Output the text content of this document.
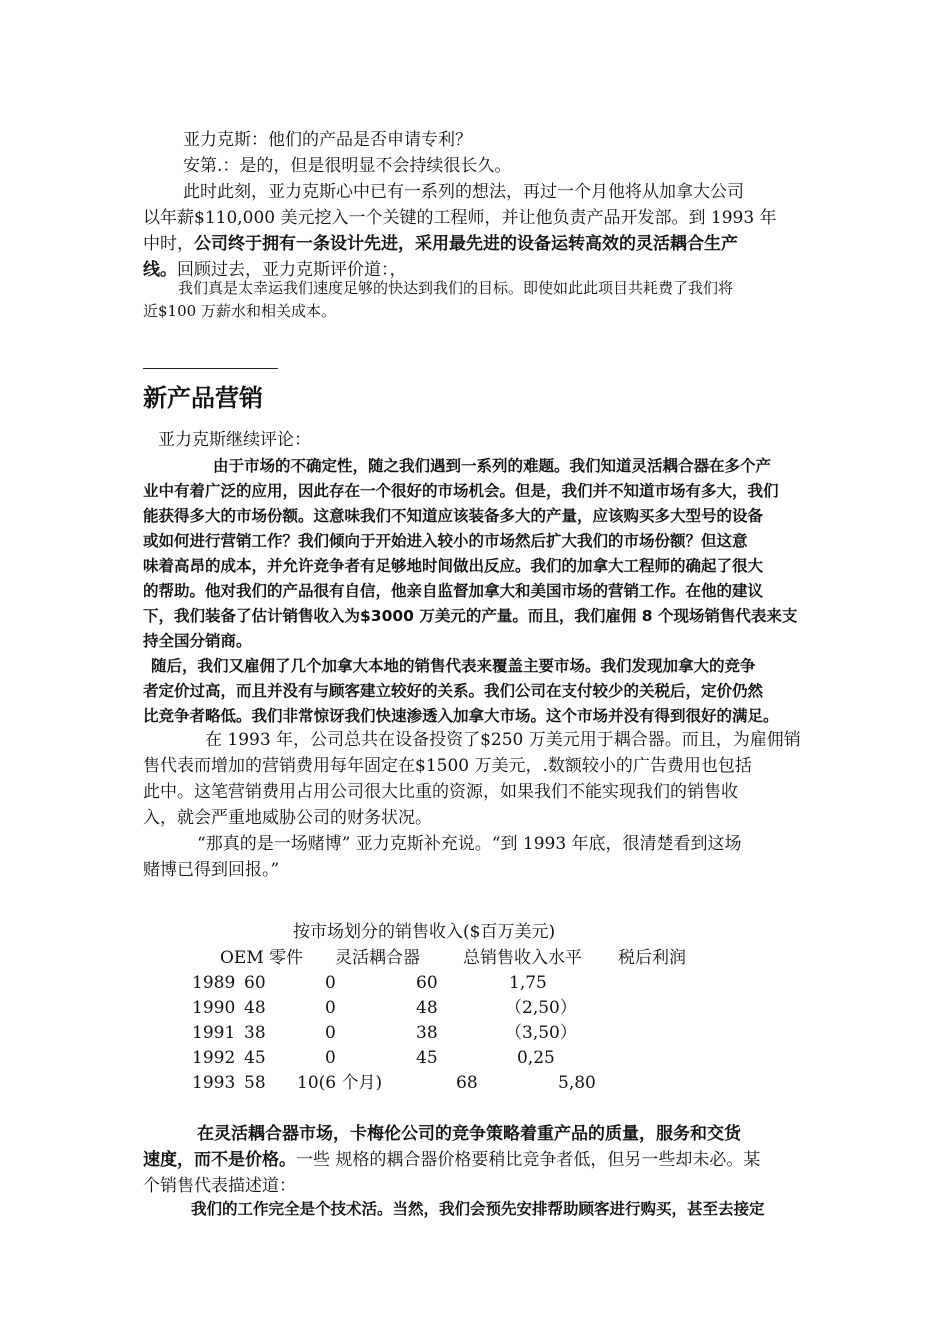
亚力克斯：他们的产品是否申请专利？
安第.：是的，但是很明显不会持续很长久。
此时此刻，亚力克斯心中已有一系列的想法，再过一个月他将从加拿大公司
以年薪$110,000 美元挖入一个关键的工程师，并让他负责产品开发部。到 1993 年
中时，公司终于拥有一条设计先进，采用最先进的设备运转高效的灵活耦合生产
线。回顾过去，亚力克斯评价道：，
我们真是太幸运我们速度足够的快达到我们的目标。即使如此此项目共耗费了我们将
近$100 万薪水和相关成本。
新产品营销
亚力克斯继续评论：
由于市场的不确定性，随之我们遇到一系列的难题。我们知道灵活耦合器在多个产
业中有着广泛的应用，因此存在一个很好的市场机会。但是，我们并不知道市场有多大，我们
能获得多大的市场份额。这意味我们不知道应该装备多大的产量，应该购买多大型号的设备
或如何进行营销工作？我们倾向于开始进入较小的市场然后扩大我们的市场份额？但这意
味着高昂的成本，并允许竞争者有足够地时间做出反应。我们的加拿大工程师的确起了很大
的帮助。他对我们的产品很有自信，他亲自监督加拿大和美国市场的营销工作。在他的建议
下，我们装备了估计销售收入为$3000 万美元的产量。而且，我们雇佣 8 个现场销售代表来支
持全国分销商。
随后，我们又雇佣了几个加拿大本地的销售代表来覆盖主要市场。我们发现加拿大的竞争
者定价过高，而且并没有与顾客建立较好的关系。我们公司在支付较少的关税后，定价仍然
比竞争者略低。我们非常惊讶我们快速渗透入加拿大市场。这个市场并没有得到很好的满足。
在 1993 年，公司总共在设备投资了$250 万美元用于耦合器。而且，为雇佣销
售代表而增加的营销费用每年固定在$1500 万美元，.数额较小的广告费用也包括
此中。这笔营销费用占用公司很大比重的资源，如果我们不能实现我们的销售收
入，就会严重地威胁公司的财务状况。
“那真的是一场赌博” 亚力克斯补充说。“到 1993 年底，很清楚看到这场
赌博已得到回报。”
按市场划分的销售收入($百万美元)
OEM 零件 灵活耦合器	总销售收入水平 税后利润
1989 60	0	60	1,75
1990 48	0	48	（2,50）
1991 38	0	38	（3,50）
1992 45	0	45	0,25
1993 58 10(6 个月)	68	5,80
在灵活耦合器市场，卡梅伦公司的竞争策略着重产品的质量，服务和交货
速度，而不是价格。一些 规格的耦合器价格要稍比竞争者低，但另一些却未必。某
个销售代表描述道：
我们的工作完全是个技术活。当然，我们会预先安排帮助顾客进行购买，甚至去接定
